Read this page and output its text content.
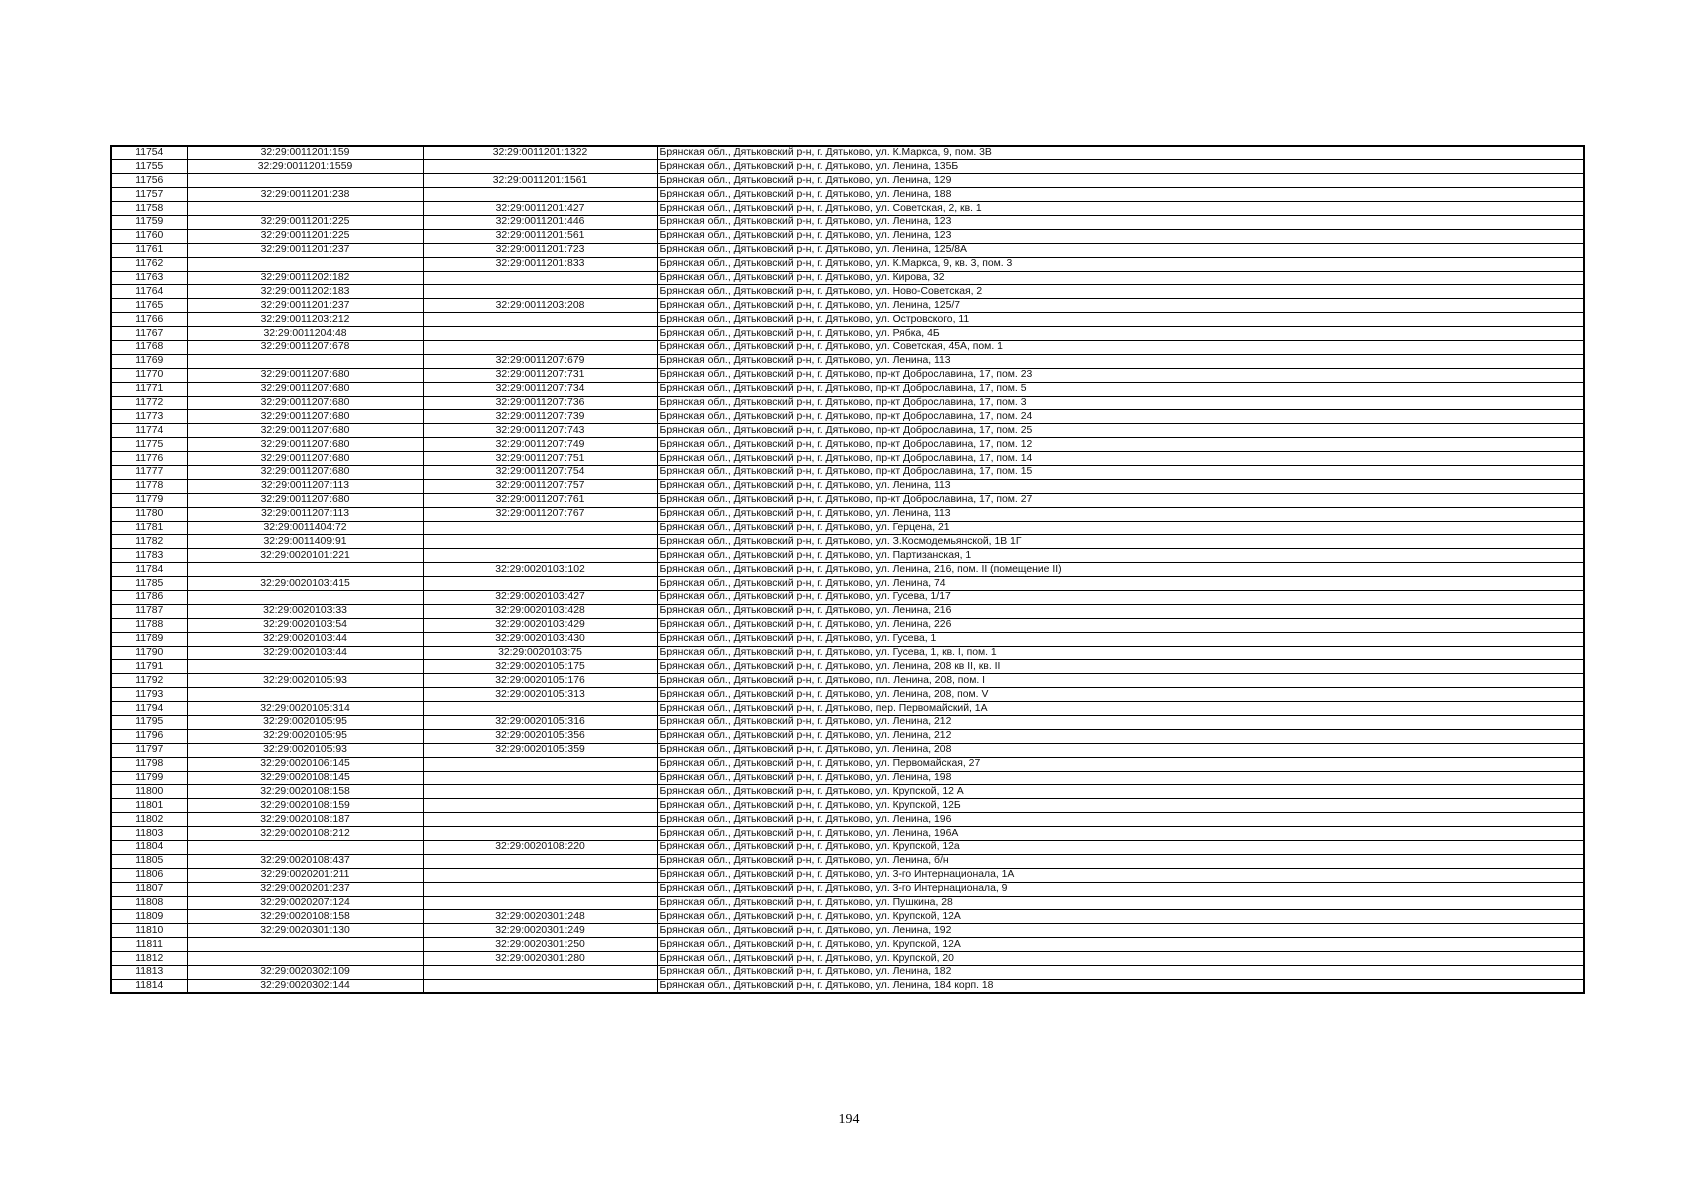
11754	32:29:0011201:159	32:29:0011201:1322	Брянская обл., Дятьковский р-н, г. Дятьково, ул. К.Маркса, 9, пом. 3В
11755	32:29:0011201:1559		Брянская обл., Дятьковский р-н, г. Дятьково, ул. Ленина, 135Б
11756		32:29:0011201:1561	Брянская обл., Дятьковский р-н, г. Дятьково, ул. Ленина, 129
11757	32:29:0011201:238		Брянская обл., Дятьковский р-н, г. Дятьково, ул. Ленина, 188
11758		32:29:0011201:427	Брянская обл., Дятьковский р-н, г. Дятьково, ул. Советская, 2, кв. 1
11759	32:29:0011201:225	32:29:0011201:446	Брянская обл., Дятьковский р-н, г. Дятьково, ул. Ленина, 123
11760	32:29:0011201:225	32:29:0011201:561	Брянская обл., Дятьковский р-н, г. Дятьково, ул. Ленина, 123
11761	32:29:0011201:237	32:29:0011201:723	Брянская обл., Дятьковский р-н, г. Дятьково, ул. Ленина, 125/8А
11762		32:29:0011201:833	Брянская обл., Дятьковский р-н, г. Дятьково, ул. К.Маркса, 9, кв. 3, пом. 3
11763	32:29:0011202:182		Брянская обл., Дятьковский р-н, г. Дятьково, ул. Кирова, 32
11764	32:29:0011202:183		Брянская обл., Дятьковский р-н, г. Дятьково, ул. Ново-Советская, 2
11765	32:29:0011201:237	32:29:0011203:208	Брянская обл., Дятьковский р-н, г. Дятьково, ул. Ленина, 125/7
11766	32:29:0011203:212		Брянская обл., Дятьковский р-н, г. Дятьково, ул. Островского, 11
11767	32:29:0011204:48		Брянская обл., Дятьковский р-н, г. Дятьково, ул. Рябка, 4Б
11768	32:29:0011207:678		Брянская обл., Дятьковский р-н, г. Дятьково, ул. Советская, 45А, пом. 1
11769		32:29:0011207:679	Брянская обл., Дятьковский р-н, г. Дятьково, ул. Ленина, 113
11770	32:29:0011207:680	32:29:0011207:731	Брянская обл., Дятьковский р-н, г. Дятьково, пр-кт Доброславина, 17, пом. 23
11771	32:29:0011207:680	32:29:0011207:734	Брянская обл., Дятьковский р-н, г. Дятьково, пр-кт Доброславина, 17, пом. 5
11772	32:29:0011207:680	32:29:0011207:736	Брянская обл., Дятьковский р-н, г. Дятьково, пр-кт Доброславина, 17, пом. 3
11773	32:29:0011207:680	32:29:0011207:739	Брянская обл., Дятьковский р-н, г. Дятьково, пр-кт Доброславина, 17, пом. 24
11774	32:29:0011207:680	32:29:0011207:743	Брянская обл., Дятьковский р-н, г. Дятьково, пр-кт Доброславина, 17, пом. 25
11775	32:29:0011207:680	32:29:0011207:749	Брянская обл., Дятьковский р-н, г. Дятьково, пр-кт Доброславина, 17, пом. 12
11776	32:29:0011207:680	32:29:0011207:751	Брянская обл., Дятьковский р-н, г. Дятьково, пр-кт Доброславина, 17, пом. 14
11777	32:29:0011207:680	32:29:0011207:754	Брянская обл., Дятьковский р-н, г. Дятьково, пр-кт Доброславина, 17, пом. 15
11778	32:29:0011207:113	32:29:0011207:757	Брянская обл., Дятьковский р-н, г. Дятьково, ул. Ленина, 113
11779	32:29:0011207:680	32:29:0011207:761	Брянская обл., Дятьковский р-н, г. Дятьково, пр-кт Доброславина, 17, пом. 27
11780	32:29:0011207:113	32:29:0011207:767	Брянская обл., Дятьковский р-н, г. Дятьково, ул. Ленина, 113
11781	32:29:0011404:72		Брянская обл., Дятьковский р-н, г. Дятьково, ул. Герцена, 21
11782	32:29:0011409:91		Брянская обл., Дятьковский р-н, г. Дятьково, ул. З.Космодемьянской, 1В 1Г
11783	32:29:0020101:221		Брянская обл., Дятьковский р-н, г. Дятьково, ул. Партизанская, 1
11784		32:29:0020103:102	Брянская обл., Дятьковский р-н, г. Дятьково, ул. Ленина, 216, пом. II (помещение II)
11785	32:29:0020103:415		Брянская обл., Дятьковский р-н, г. Дятьково, ул. Ленина, 74
11786		32:29:0020103:427	Брянская обл., Дятьковский р-н, г. Дятьково, ул. Гусева, 1/17
11787	32:29:0020103:33	32:29:0020103:428	Брянская обл., Дятьковский р-н, г. Дятьково, ул. Ленина, 216
11788	32:29:0020103:54	32:29:0020103:429	Брянская обл., Дятьковский р-н, г. Дятьково, ул. Ленина, 226
11789	32:29:0020103:44	32:29:0020103:430	Брянская обл., Дятьковский р-н, г. Дятьково, ул. Гусева, 1
11790	32:29:0020103:44	32:29:0020103:75	Брянская обл., Дятьковский р-н, г. Дятьково, ул. Гусева, 1, кв. I, пом. 1
11791		32:29:0020105:175	Брянская обл., Дятьковский р-н, г. Дятьково, ул. Ленина, 208 кв II, кв. II
11792	32:29:0020105:93	32:29:0020105:176	Брянская обл., Дятьковский р-н, г. Дятьково, пл. Ленина, 208, пом. I
11793		32:29:0020105:313	Брянская обл., Дятьковский р-н, г. Дятьково, ул. Ленина, 208, пом. V
11794	32:29:0020105:314		Брянская обл., Дятьковский р-н, г. Дятьково, пер. Первомайский, 1А
11795	32:29:0020105:95	32:29:0020105:316	Брянская обл., Дятьковский р-н, г. Дятьково, ул. Ленина, 212
11796	32:29:0020105:95	32:29:0020105:356	Брянская обл., Дятьковский р-н, г. Дятьково, ул. Ленина, 212
11797	32:29:0020105:93	32:29:0020105:359	Брянская обл., Дятьковский р-н, г. Дятьково, ул. Ленина, 208
11798	32:29:0020106:145		Брянская обл., Дятьковский р-н, г. Дятьково, ул. Первомайская, 27
11799	32:29:0020108:145		Брянская обл., Дятьковский р-н, г. Дятьково, ул. Ленина, 198
11800	32:29:0020108:158		Брянская обл., Дятьковский р-н, г. Дятьково, ул. Крупской, 12 А
11801	32:29:0020108:159		Брянская обл., Дятьковский р-н, г. Дятьково, ул. Крупской, 12Б
11802	32:29:0020108:187		Брянская обл., Дятьковский р-н, г. Дятьково, ул. Ленина, 196
11803	32:29:0020108:212		Брянская обл., Дятьковский р-н, г. Дятьково, ул. Ленина, 196А
11804		32:29:0020108:220	Брянская обл., Дятьковский р-н, г. Дятьково, ул. Крупской, 12а
11805	32:29:0020108:437		Брянская обл., Дятьковский р-н, г. Дятьково, ул. Ленина, б/н
11806	32:29:0020201:211		Брянская обл., Дятьковский р-н, г. Дятьково, ул. 3-го Интернационала, 1А
11807	32:29:0020201:237		Брянская обл., Дятьковский р-н, г. Дятьково, ул. 3-го Интернационала, 9
11808	32:29:0020207:124		Брянская обл., Дятьковский р-н, г. Дятьково, ул. Пушкина, 28
11809	32:29:0020108:158	32:29:0020301:248	Брянская обл., Дятьковский р-н, г. Дятьково, ул. Крупской, 12А
11810	32:29:0020301:130	32:29:0020301:249	Брянская обл., Дятьковский р-н, г. Дятьково, ул. Ленина, 192
11811		32:29:0020301:250	Брянская обл., Дятьковский р-н, г. Дятьково, ул. Крупской, 12А
11812		32:29:0020301:280	Брянская обл., Дятьковский р-н, г. Дятьково, ул. Крупской, 20
11813	32:29:0020302:109		Брянская обл., Дятьковский р-н, г. Дятьково, ул. Ленина, 182
11814	32:29:0020302:144		Брянская обл., Дятьковский р-н, г. Дятьково, ул. Ленина, 184 корп. 18
194
